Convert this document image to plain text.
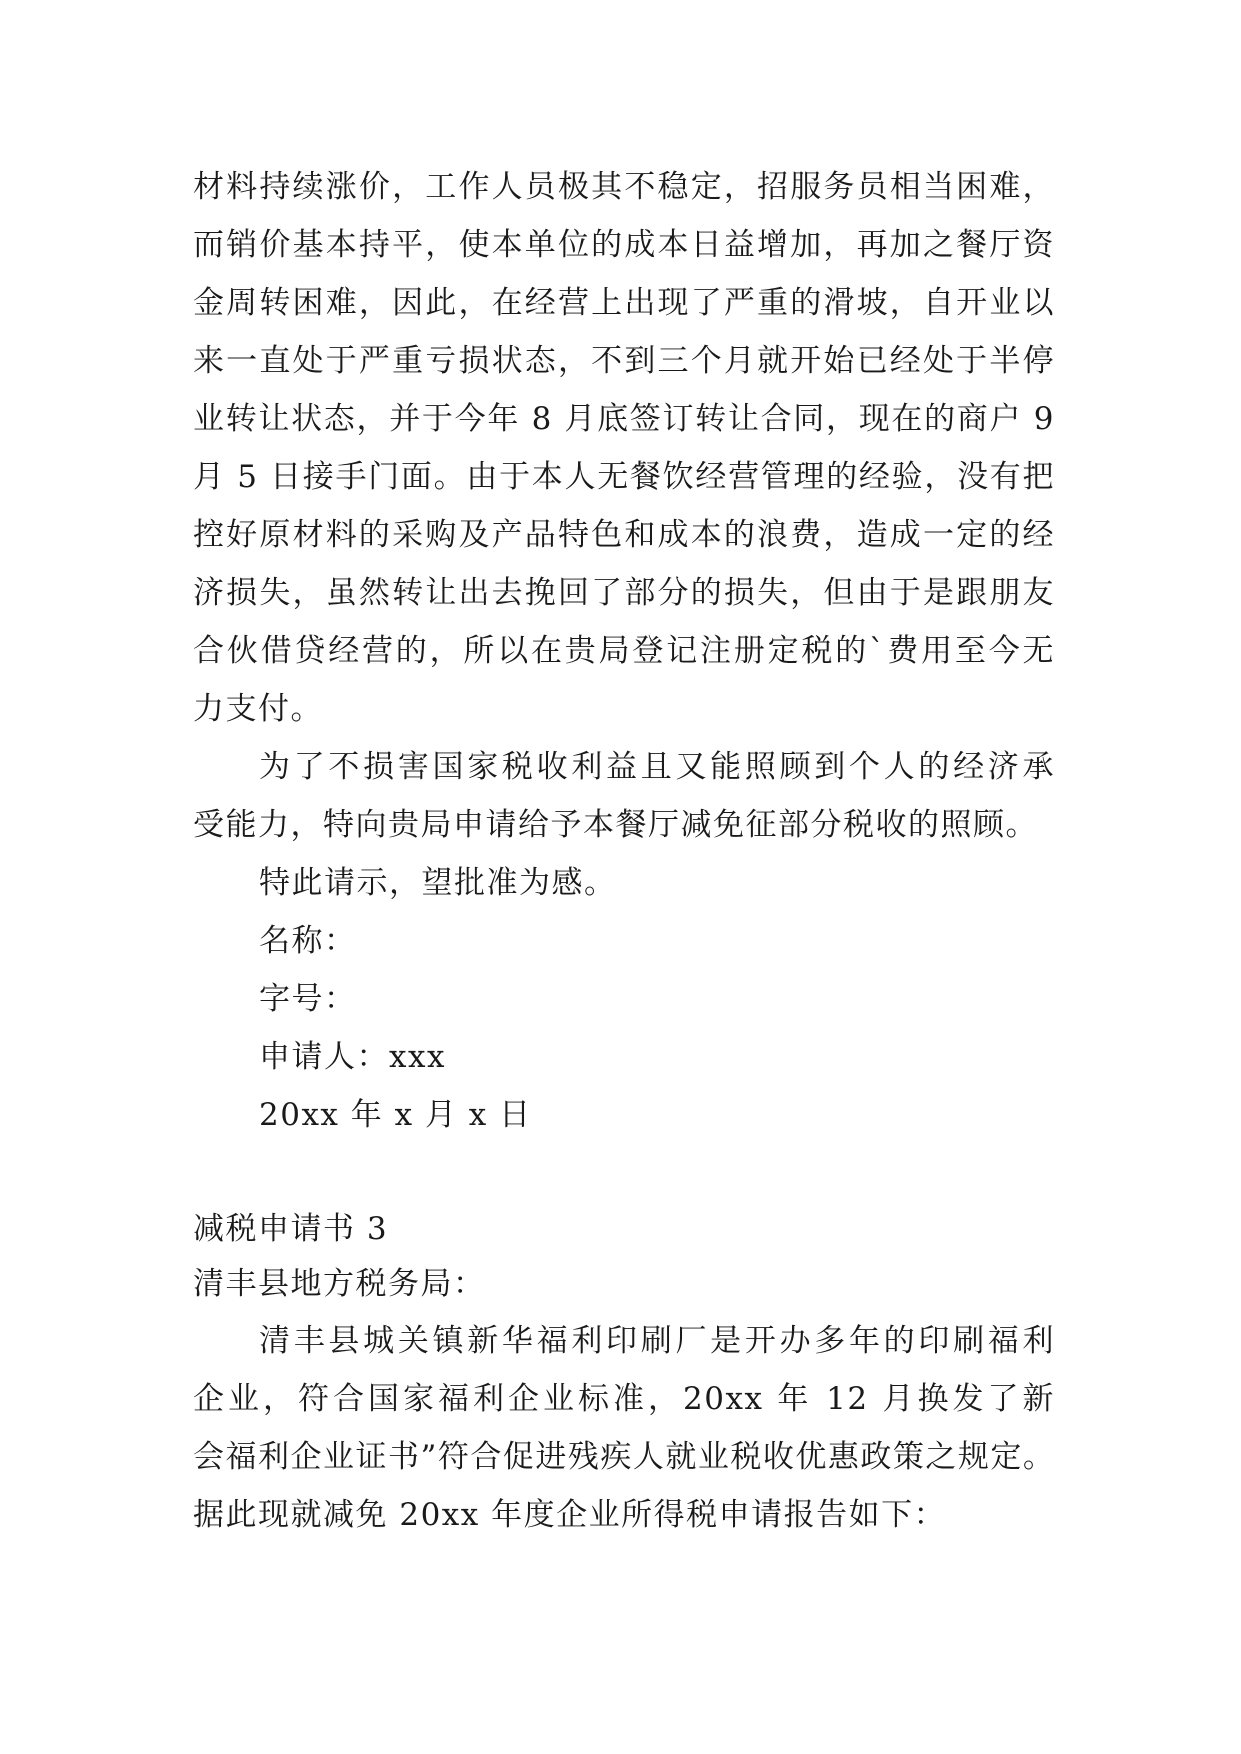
材料持续涨价，工作人员极其不稳定，招服务员相当困难，
而销价基本持平，使本单位的成本日益增加，再加之餐厅资
金周转困难，因此，在经营上出现了严重的滑坡，自开业以
来一直处于严重亏损状态，不到三个月就开始已经处于半停
业转让状态，并于今年 8 月底签订转让合同，现在的商户 9
月 5 日接手门面。由于本人无餐饮经营管理的经验，没有把
控好原材料的采购及产品特色和成本的浪费，造成一定的经
济损失，虽然转让出去挽回了部分的损失，但由于是跟朋友
合伙借贷经营的，所以在贵局登记注册定税的`费用至今无
力支付。
为了不损害国家税收利益且又能照顾到个人的经济承
受能力，特向贵局申请给予本餐厅减免征部分税收的照顾。
特此请示，望批准为感。
名称：
字号：
申请人：xxx
20xx 年 x 月 x 日
减税申请书 3
清丰县地方税务局：
清丰县城关镇新华福利印刷厂是开办多年的印刷福利
企业，符合国家福利企业标准，20xx 年 12 月换发了新
会福利企业证书”符合促进残疾人就业税收优惠政策之规定。
据此现就减免 20xx 年度企业所得税申请报告如下：
